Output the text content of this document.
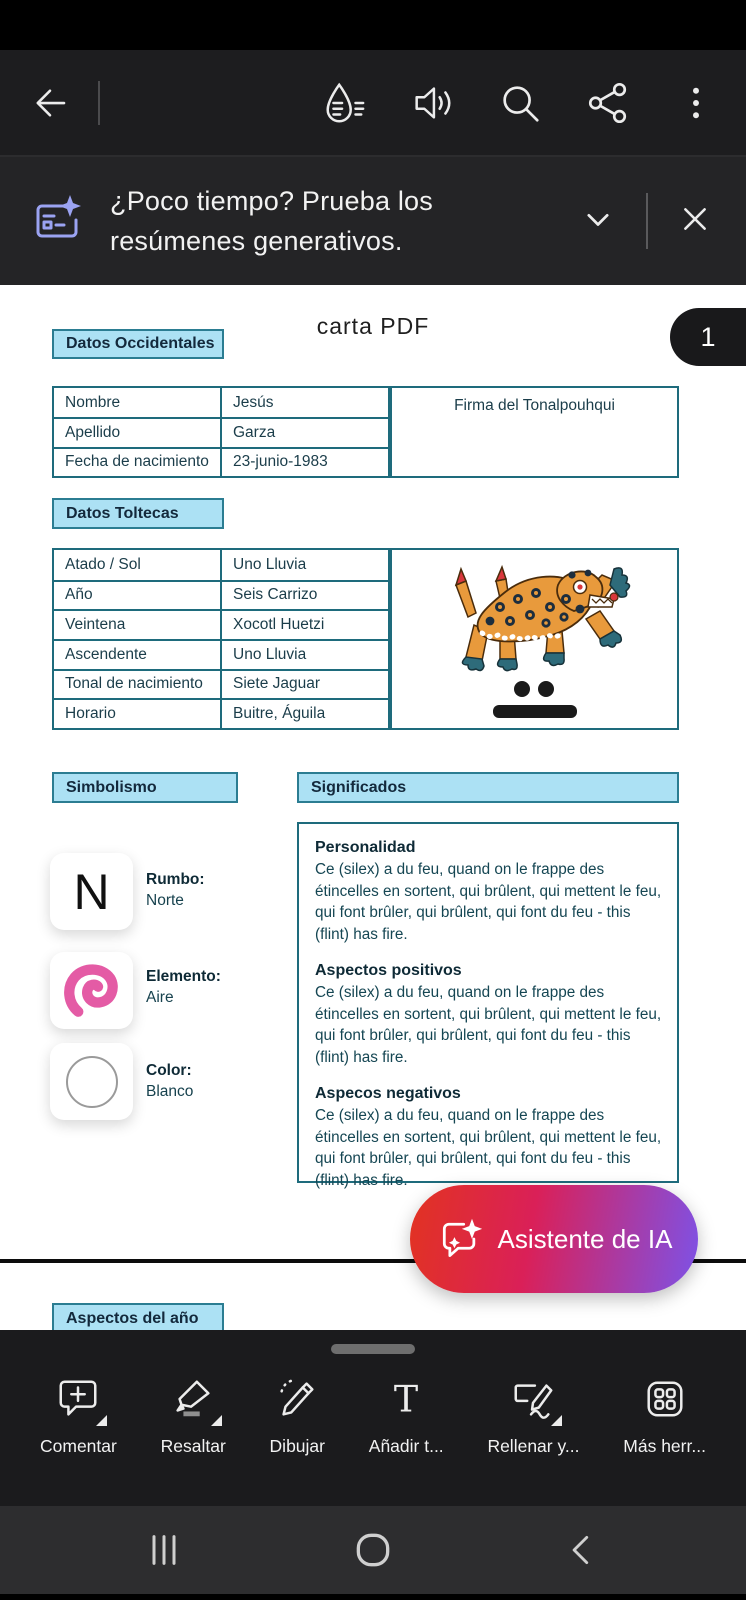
¿Poco tiempo? Prueba los resúmenes generativos.
carta PDF	1
Datos Occidentales
Nombre	Jesús
Apellido	Garza
Fecha de nacimiento	23-junio-1983
Firma del Tonalpouhqui
Datos Toltecas
Atado / Sol	Uno Lluvia
Año	Seis Carrizo
Veintena	Xocotl Huetzi
Ascendente	Uno Lluvia
Tonal de nacimiento	Siete Jaguar
Horario	Buitre, Águila
Simbolismo	Significados
N Rumbo:
Norte
Elemento:
Aire
Color:
Blanco
Personalidad

Ce (silex) a du feu, quand on le frappe des étincelles en sortent, qui brûlent, qui mettent le feu, qui font brûler, qui brûlent, qui font du feu - this (flint) has fire.

Aspectos positivos

Ce (silex) a du feu, quand on le frappe des étincelles en sortent, qui brûlent, qui mettent le feu, qui font brûler, qui brûlent, qui font du feu - this (flint) has fire.

Aspecos negativos

Ce (silex) a du feu, quand on le frappe des étincelles en sortent, qui brûlent, qui mettent le feu, qui font brûler, qui brûlent, qui font du feu - this (flint) has fire.

Aspectos del año
Asistente de IA
Comentar	Resaltar	Dibujar
T
Añadir t...	Rellenar y...	Más herr...
